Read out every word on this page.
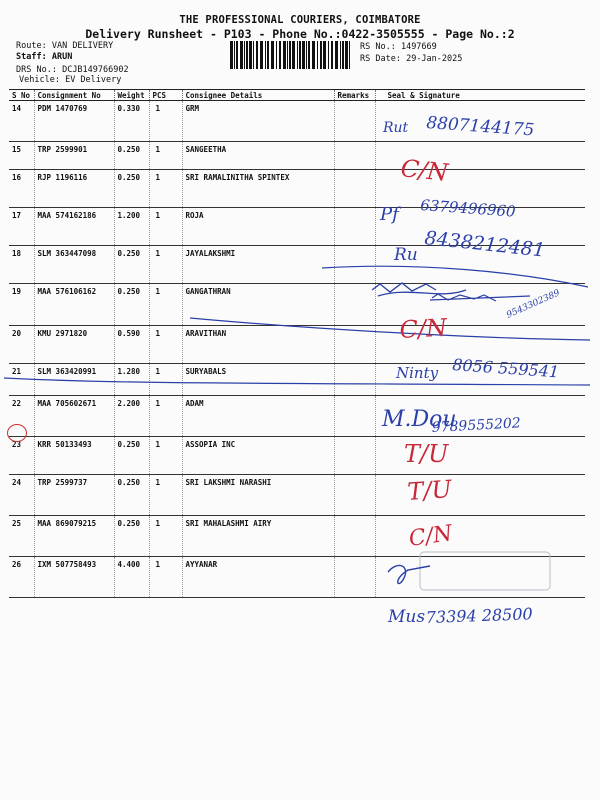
THE PROFESSIONAL COURIERS, COIMBATORE
Delivery Runsheet - P103 - Phone No.:0422-3505555 - Page No.:2
Route: VAN DELIVERY
Staff: ARUN
DRS No.: DCJB149766902
Vehicle: EV Delivery
RS No.: 1497669
RS Date: 29-Jan-2025
S No	Consignment No	Weight	PCS	Consignee Details	Remarks	Seal & Signature
14	PDM 1470769	0.330	1	GRM		
15	TRP 2599901	0.250	1	SANGEETHA		
16	RJP 1196116	0.250	1	SRI RAMALINITHA SPINTEX		
17	MAA 574162186	1.200	1	ROJA		
18	SLM 363447098	0.250	1	JAYALAKSHMI		
19	MAA 576106162	0.250	1	GANGATHRAN		
20	KMU 2971820	0.590	1	ARAVITHAN		
21	SLM 363420991	1.280	1	SURYABALS		
22	MAA 705602671	2.200	1	ADAM		
23	KRR 50133493	0.250	1	ASSOPIA INC		
24	TRP 2599737	0.250	1	SRI LAKSHMI NARASHI		
25	MAA 869079215	0.250	1	SRI MAHALASHMI AIRY		
26	IXM 507758493	4.400	1	AYYANAR		
Rut 8807144175
C/N
Pf 6379496960
Ru 8438212481
9543302389
C/N
Ninty 8056 559541
M.Dou
9789555202
T/U
T/U
C/N
Mus 73394 28500
